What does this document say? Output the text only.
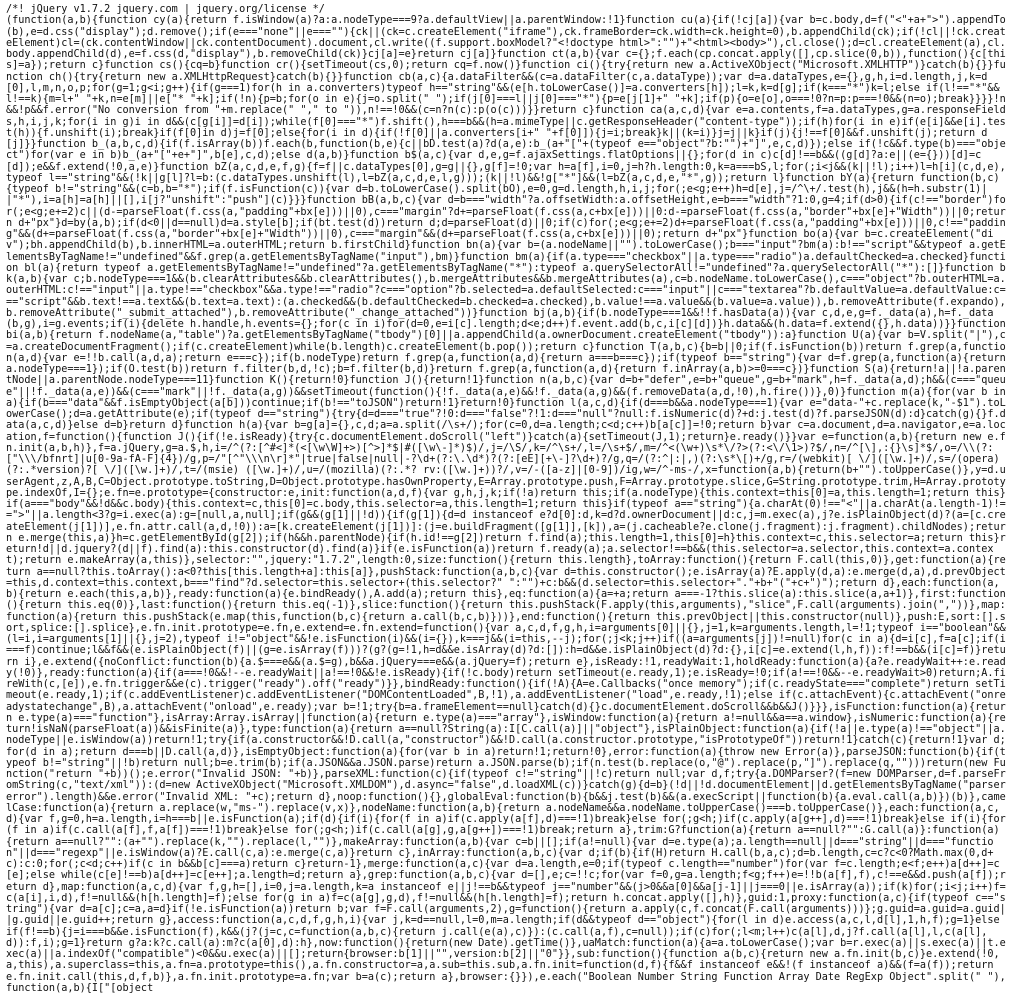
/*! jQuery v1.7.2 jquery.com | jquery.org/license */
(function(a,b){function cy(a){return f.isWindow(a)?a:a.nodeType===9?a.defaultView||a.parentWindow:!1}function cu(a){if(!cj[a]){var b=c.body,d=f("<"+a+">").appendTo(b),e=d.css("display");d.remove();if(e==="none"||e===""){ck||(ck=c.createElement("iframe"),ck.frameBorder=ck.width=ck.height=0),b.appendChild(ck);if(!cl||!ck.createElement)cl=(ck.contentWindow||ck.contentDocument).document,cl.write((f.support.boxModel?"<!doctype html>":"")+"<html><body>"),cl.close();d=cl.createElement(a),cl.body.appendChild(d),e=f.css(d,"display"),b.removeChild(ck)}cj[a]=e}return cj[a]}function ct(a,b){var c={};f.each(cp.concat.apply([],cp.slice(0,b)),function(){c[this]=a});return c}function cs(){cq=b}function cr(){setTimeout(cs,0);return cq=f.now()}function ci(){try{return new a.ActiveXObject("Microsoft.XMLHTTP")}catch(b){}}function ch(){try{return new a.XMLHttpRequest}catch(b){}}function cb(a,c){a.dataFilter&&(c=a.dataFilter(c,a.dataType));var d=a.dataTypes,e={},g,h,i=d.length,j,k=d[0],l,m,n,o,p;for(g=1;g<i;g++){if(g===1)for(h in a.converters)typeof h=="string"&&(e[h.toLowerCase()]=a.converters[h]);l=k,k=d[g];if(k==="*")k=l;else if(l!=="*"&&l!==k){m=l+" "+k,n=e[m]||e["* "+k];if(!n){p=b;for(o in e){j=o.split(" ");if(j[0]===l||j[0]==="*"){p=e[j[1]+" "+k];if(p){o=e[o],o===!0?n=p:p===!0&&(n=o);break}}}}!n&&!p&&f.error("No conversion from "+m.replace(" "," to ")),n!==!0&&(c=n?n(c):p(o(c)))}}return c}function ca(a,c,d){var e=a.contents,f=a.dataTypes,g=a.responseFields,h,i,j,k;for(i in g)i in d&&(c[g[i]]=d[i]);while(f[0]==="*")f.shift(),h===b&&(h=a.mimeType||c.getResponseHeader("content-type"));if(h)for(i in e)if(e[i]&&e[i].test(h)){f.unshift(i);break}if(f[0]in d)j=f[0];else{for(i in d){if(!f[0]||a.converters[i+" "+f[0]]){j=i;break}k||(k=i)}j=j||k}if(j){j!==f[0]&&f.unshift(j);return d[j]}}function b_(a,b,c,d){if(f.isArray(b))f.each(b,function(b,e){c||bD.test(a)?d(a,e):b_(a+"["+(typeof e=="object"?b:"")+"]",e,c,d)});else if(!c&&f.type(b)==="object")for(var e in b)b_(a+"["+e+"]",b[e],c,d);else d(a,b)}function b$(a,c){var d,e,g=f.ajaxSettings.flatOptions||{};for(d in c)c[d]!==b&&((g[d]?a:e||(e={}))[d]=c[d]);e&&f.extend(!0,a,e)}function bZ(a,c,d,e,f,g){f=f||c.dataTypes[0],g=g||{},g[f]=!0;var h=a[f],i=0,j=h?h.length:0,k=a===bS,l;for(;i<j&&(k||!l);i++)l=h[i](c,d,e),typeof l=="string"&&(!k||g[l]?l=b:(c.dataTypes.unshift(l),l=bZ(a,c,d,e,l,g)));(k||!l)&&!g["*"]&&(l=bZ(a,c,d,e,"*",g));return l}function bY(a){return function(b,c){typeof b!="string"&&(c=b,b="*");if(f.isFunction(c)){var d=b.toLowerCase().split(bO),e=0,g=d.length,h,i,j;for(;e<g;e++)h=d[e],j=/^\+/.test(h),j&&(h=h.substr(1)||"*"),i=a[h]=a[h]||[],i[j?"unshift":"push"](c)}}}function bB(a,b,c){var d=b==="width"?a.offsetWidth:a.offsetHeight,e=b==="width"?1:0,g=4;if(d>0){if(c!=="border")for(;e<g;e+=2)c||(d-=parseFloat(f.css(a,"padding"+bx[e]))||0),c==="margin"?d+=parseFloat(f.css(a,c+bx[e]))||0:d-=parseFloat(f.css(a,"border"+bx[e]+"Width"))||0;return d+"px"}d=by(a,b);if(d<0||d==null)d=a.style[b];if(bt.test(d))return d;d=parseFloat(d)||0;if(c)for(;e<g;e+=2)d+=parseFloat(f.css(a,"padding"+bx[e]))||0,c!=="padding"&&(d+=parseFloat(f.css(a,"border"+bx[e]+"Width"))||0),c==="margin"&&(d+=parseFloat(f.css(a,c+bx[e]))||0);return d+"px"}function bo(a){var b=c.createElement("div");bh.appendChild(b),b.innerHTML=a.outerHTML;return b.firstChild}function bn(a){var b=(a.nodeName||"").toLowerCase();b==="input"?bm(a):b!=="script"&&typeof a.getElementsByTagName!="undefined"&&f.grep(a.getElementsByTagName("input"),bm)}function bm(a){if(a.type==="checkbox"||a.type==="radio")a.defaultChecked=a.checked}function bl(a){return typeof a.getElementsByTagName!="undefined"?a.getElementsByTagName("*"):typeof a.querySelectorAll!="undefined"?a.querySelectorAll("*"):[]}function bk(a,b){var c;b.nodeType===1&&(b.clearAttributes&&b.clearAttributes(),b.mergeAttributes&&b.mergeAttributes(a),c=b.nodeName.toLowerCase(),c==="object"?b.outerHTML=a.outerHTML:c!=="input"||a.type!=="checkbox"&&a.type!=="radio"?c==="option"?b.selected=a.defaultSelected:c==="input"||c==="textarea"?b.defaultValue=a.defaultValue:c==="script"&&b.text!==a.text&&(b.text=a.text):(a.checked&&(b.defaultChecked=b.checked=a.checked),b.value!==a.value&&(b.value=a.value)),b.removeAttribute(f.expando),b.removeAttribute("_submit_attached"),b.removeAttribute("_change_attached"))}function bj(a,b){if(b.nodeType===1&&!!f.hasData(a)){var c,d,e,g=f._data(a),h=f._data(b,g),i=g.events;if(i){delete h.handle,h.events={};for(c in i)for(d=0,e=i[c].length;d<e;d++)f.event.add(b,c,i[c][d])}h.data&&(h.data=f.extend({},h.data))}}function bi(a,b){return f.nodeName(a,"table")?a.getElementsByTagName("tbody")[0]||a.appendChild(a.ownerDocument.createElement("tbody")):a}function U(a){var b=V.split("|"),c=a.createDocumentFragment();if(c.createElement)while(b.length)c.createElement(b.pop());return c}function T(a,b,c){b=b||0;if(f.isFunction(b))return f.grep(a,function(a,d){var e=!!b.call(a,d,a);return e===c});if(b.nodeType)return f.grep(a,function(a,d){return a===b===c});if(typeof b=="string"){var d=f.grep(a,function(a){return a.nodeType===1});if(O.test(b))return f.filter(b,d,!c);b=f.filter(b,d)}return f.grep(a,function(a,d){return f.inArray(a,b)>=0===c})}function S(a){return!a||!a.parentNode||a.parentNode.nodeType===11}function K(){return!0}function J(){return!1}function n(a,b,c){var d=b+"defer",e=b+"queue",g=b+"mark",h=f._data(a,d);h&&(c==="queue"||!f._data(a,e))&&(c==="mark"||!f._data(a,g))&&setTimeout(function(){!f._data(a,e)&&!f._data(a,g)&&(f.removeData(a,d,!0),h.fire())},0)}function m(a){for(var b in a){if(b==="data"&&f.isEmptyObject(a[b]))continue;if(b!=="toJSON")return!1}return!0}function l(a,c,d){if(d===b&&a.nodeType===1){var e="data-"+c.replace(k,"-$1").toLowerCase();d=a.getAttribute(e);if(typeof d=="string"){try{d=d==="true"?!0:d==="false"?!1:d==="null"?null:f.isNumeric(d)?+d:j.test(d)?f.parseJSON(d):d}catch(g){}f.data(a,c,d)}else d=b}return d}function h(a){var b=g[a]={},c,d;a=a.split(/\s+/);for(c=0,d=a.length;c<d;c++)b[a[c]]=!0;return b}var c=a.document,d=a.navigator,e=a.location,f=function(){function J(){if(!e.isReady){try{c.documentElement.doScroll("left")}catch(a){setTimeout(J,1);return}e.ready()}}var e=function(a,b){return new e.fn.init(a,b,h)},f=a.jQuery,g=a.$,h,i=/^(?:[^#<]*(<[\w\W]+>)[^>]*$|#([\w\-]*)$)/,j=/\S/,k=/^\s+/,l=/\s+$/,m=/^<(\w+)\s*\/?>(?:<\/\1>)?$/,n=/^[\],:{}\s]*$/,o=/\\(?:["\\\/bfnrt]|u[0-9a-fA-F]{4})/g,p=/"[^"\\\n\r]*"|true|false|null|-?\d+(?:\.\d*)?(?:[eE][+\-]?\d+)?/g,q=/(?:^|:|,)(?:\s*\[)+/g,r=/(webkit)[ \/]([\w.]+)/,s=/(opera)(?:.*version)?[ \/]([\w.]+)/,t=/(msie) ([\w.]+)/,u=/(mozilla)(?:.*? rv:([\w.]+))?/,v=/-([a-z]|[0-9])/ig,w=/^-ms-/,x=function(a,b){return(b+"").toUpperCase()},y=d.userAgent,z,A,B,C=Object.prototype.toString,D=Object.prototype.hasOwnProperty,E=Array.prototype.push,F=Array.prototype.slice,G=String.prototype.trim,H=Array.prototype.indexOf,I={};e.fn=e.prototype={constructor:e,init:function(a,d,f){var g,h,j,k;if(!a)return this;if(a.nodeType){this.context=this[0]=a,this.length=1;return this}if(a==="body"&&!d&&c.body){this.context=c,this[0]=c.body,this.selector=a,this.length=1;return this}if(typeof a=="string"){a.charAt(0)!=="<"||a.charAt(a.length-1)!==">"||a.length<3?g=i.exec(a):g=[null,a,null];if(g&&(g[1]||!d)){if(g[1]){d=d instanceof e?d[0]:d,k=d?d.ownerDocument||d:c,j=m.exec(a),j?e.isPlainObject(d)?(a=[c.createElement(j[1])],e.fn.attr.call(a,d,!0)):a=[k.createElement(j[1])]:(j=e.buildFragment([g[1]],[k]),a=(j.cacheable?e.clone(j.fragment):j.fragment).childNodes);return e.merge(this,a)}h=c.getElementById(g[2]);if(h&&h.parentNode){if(h.id!==g[2])return f.find(a);this.length=1,this[0]=h}this.context=c,this.selector=a;return this}return!d||d.jquery?(d||f).find(a):this.constructor(d).find(a)}if(e.isFunction(a))return f.ready(a);a.selector!==b&&(this.selector=a.selector,this.context=a.context);return e.makeArray(a,this)},selector:"",jquery:"1.7.2",length:0,size:function(){return this.length},toArray:function(){return F.call(this,0)},get:function(a){return a==null?this.toArray():a<0?this[this.length+a]:this[a]},pushStack:function(a,b,c){var d=this.constructor();e.isArray(a)?E.apply(d,a):e.merge(d,a),d.prevObject=this,d.context=this.context,b==="find"?d.selector=this.selector+(this.selector?" ":"")+c:b&&(d.selector=this.selector+"."+b+"("+c+")");return d},each:function(a,b){return e.each(this,a,b)},ready:function(a){e.bindReady(),A.add(a);return this},eq:function(a){a=+a;return a===-1?this.slice(a):this.slice(a,a+1)},first:function(){return this.eq(0)},last:function(){return this.eq(-1)},slice:function(){return this.pushStack(F.apply(this,arguments),"slice",F.call(arguments).join(","))},map:function(a){return this.pushStack(e.map(this,function(b,c){return a.call(b,c,b)}))},end:function(){return this.prevObject||this.constructor(null)},push:E,sort:[].sort,splice:[].splice},e.fn.init.prototype=e.fn,e.extend=e.fn.extend=function(){var a,c,d,f,g,h,i=arguments[0]||{},j=1,k=arguments.length,l=!1;typeof i=="boolean"&&(l=i,i=arguments[1]||{},j=2),typeof i!="object"&&!e.isFunction(i)&&(i={}),k===j&&(i=this,--j);for(;j<k;j++)if((a=arguments[j])!=null)for(c in a){d=i[c],f=a[c];if(i===f)continue;l&&f&&(e.isPlainObject(f)||(g=e.isArray(f)))?(g?(g=!1,h=d&&e.isArray(d)?d:[]):h=d&&e.isPlainObject(d)?d:{},i[c]=e.extend(l,h,f)):f!==b&&(i[c]=f)}return i},e.extend({noConflict:function(b){a.$===e&&(a.$=g),b&&a.jQuery===e&&(a.jQuery=f);return e},isReady:!1,readyWait:1,holdReady:function(a){a?e.readyWait++:e.ready(!0)},ready:function(a){if(a===!0&&!--e.readyWait||a!==!0&&!e.isReady){if(!c.body)return setTimeout(e.ready,1);e.isReady=!0;if(a!==!0&&--e.readyWait>0)return;A.fireWith(c,[e]),e.fn.trigger&&e(c).trigger("ready").off("ready")}},bindReady:function(){if(!A){A=e.Callbacks("once memory");if(c.readyState==="complete")return setTimeout(e.ready,1);if(c.addEventListener)c.addEventListener("DOMContentLoaded",B,!1),a.addEventListener("load",e.ready,!1);else if(c.attachEvent){c.attachEvent("onreadystatechange",B),a.attachEvent("onload",e.ready);var b=!1;try{b=a.frameElement==null}catch(d){}c.documentElement.doScroll&&b&&J()}}},isFunction:function(a){return e.type(a)==="function"},isArray:Array.isArray||function(a){return e.type(a)==="array"},isWindow:function(a){return a!=null&&a==a.window},isNumeric:function(a){return!isNaN(parseFloat(a))&&isFinite(a)},type:function(a){return a==null?String(a):I[C.call(a)]||"object"},isPlainObject:function(a){if(!a||e.type(a)!=="object"||a.nodeType||e.isWindow(a))return!1;try{if(a.constructor&&!D.call(a,"constructor")&&!D.call(a.constructor.prototype,"isPrototypeOf"))return!1}catch(c){return!1}var d;for(d in a);return d===b||D.call(a,d)},isEmptyObject:function(a){for(var b in a)return!1;return!0},error:function(a){throw new Error(a)},parseJSON:function(b){if(typeof b!="string"||!b)return null;b=e.trim(b);if(a.JSON&&a.JSON.parse)return a.JSON.parse(b);if(n.test(b.replace(o,"@").replace(p,"]").replace(q,"")))return(new Function("return "+b))();e.error("Invalid JSON: "+b)},parseXML:function(c){if(typeof c!="string"||!c)return null;var d,f;try{a.DOMParser?(f=new DOMParser,d=f.parseFromString(c,"text/xml")):(d=new ActiveXObject("Microsoft.XMLDOM"),d.async="false",d.loadXML(c))}catch(g){d=b}(!d||!d.documentElement||d.getElementsByTagName("parsererror").length)&&e.error("Invalid XML: "+c);return d},noop:function(){},globalEval:function(b){b&&j.test(b)&&(a.execScript||function(b){a.eval.call(a,b)})(b)},camelCase:function(a){return a.replace(w,"ms-").replace(v,x)},nodeName:function(a,b){return a.nodeName&&a.nodeName.toUpperCase()===b.toUpperCase()},each:function(a,c,d){var f,g=0,h=a.length,i=h===b||e.isFunction(a);if(d){if(i){for(f in a)if(c.apply(a[f],d)===!1)break}else for(;g<h;)if(c.apply(a[g++],d)===!1)break}else if(i){for(f in a)if(c.call(a[f],f,a[f])===!1)break}else for(;g<h;)if(c.call(a[g],g,a[g++])===!1)break;return a},trim:G?function(a){return a==null?"":G.call(a)}:function(a){return a==null?"":(a+"").replace(k,"").replace(l,"")},makeArray:function(a,b){var c=b||[];if(a!=null){var d=e.type(a);a.length==null||d==="string"||d==="function"||d==="regexp"||e.isWindow(a)?E.call(c,a):e.merge(c,a)}return c},inArray:function(a,b,c){var d;if(b){if(H)return H.call(b,a,c);d=b.length,c=c?c<0?Math.max(0,d+c):c:0;for(;c<d;c++)if(c in b&&b[c]===a)return c}return-1},merge:function(a,c){var d=a.length,e=0;if(typeof c.length=="number")for(var f=c.length;e<f;e++)a[d++]=c[e];else while(c[e]!==b)a[d++]=c[e++];a.length=d;return a},grep:function(a,b,c){var d=[],e;c=!!c;for(var f=0,g=a.length;f<g;f++)e=!!b(a[f],f),c!==e&&d.push(a[f]);return d},map:function(a,c,d){var f,g,h=[],i=0,j=a.length,k=a instanceof e||j!==b&&typeof j=="number"&&(j>0&&a[0]&&a[j-1]||j===0||e.isArray(a));if(k)for(;i<j;i++)f=c(a[i],i,d),f!=null&&(h[h.length]=f);else for(g in a)f=c(a[g],g,d),f!=null&&(h[h.length]=f);return h.concat.apply([],h)},guid:1,proxy:function(a,c){if(typeof c=="string"){var d=a[c];c=a,a=d}if(!e.isFunction(a))return b;var f=F.call(arguments,2),g=function(){return a.apply(c,f.concat(F.call(arguments)))};g.guid=a.guid=a.guid||g.guid||e.guid++;return g},access:function(a,c,d,f,g,h,i){var j,k=d==null,l=0,m=a.length;if(d&&typeof d=="object"){for(l in d)e.access(a,c,l,d[l],1,h,f);g=1}else if(f!==b){j=i===b&&e.isFunction(f),k&&(j?(j=c,c=function(a,b,c){return j.call(e(a),c)}):(c.call(a,f),c=null));if(c)for(;l<m;l++)c(a[l],d,j?f.call(a[l],l,c(a[l],d)):f,i);g=1}return g?a:k?c.call(a):m?c(a[0],d):h},now:function(){return(new Date).getTime()},uaMatch:function(a){a=a.toLowerCase();var b=r.exec(a)||s.exec(a)||t.exec(a)||a.indexOf("compatible")<0&&u.exec(a)||[];return{browser:b[1]||"",version:b[2]||"0"}},sub:function(){function a(b,c){return new a.fn.init(b,c)}e.extend(!0,a,this),a.superclass=this,a.fn=a.prototype=this(),a.fn.constructor=a,a.sub=this.sub,a.fn.init=function(d,f){f&&f instanceof e&&!(f instanceof a)&&(f=a(f));return e.fn.init.call(this,d,f,b)},a.fn.init.prototype=a.fn;var b=a(c);return a},browser:{}}),e.each("Boolean Number String Function Array Date RegExp Object".split(" "),function(a,b){I["[object
